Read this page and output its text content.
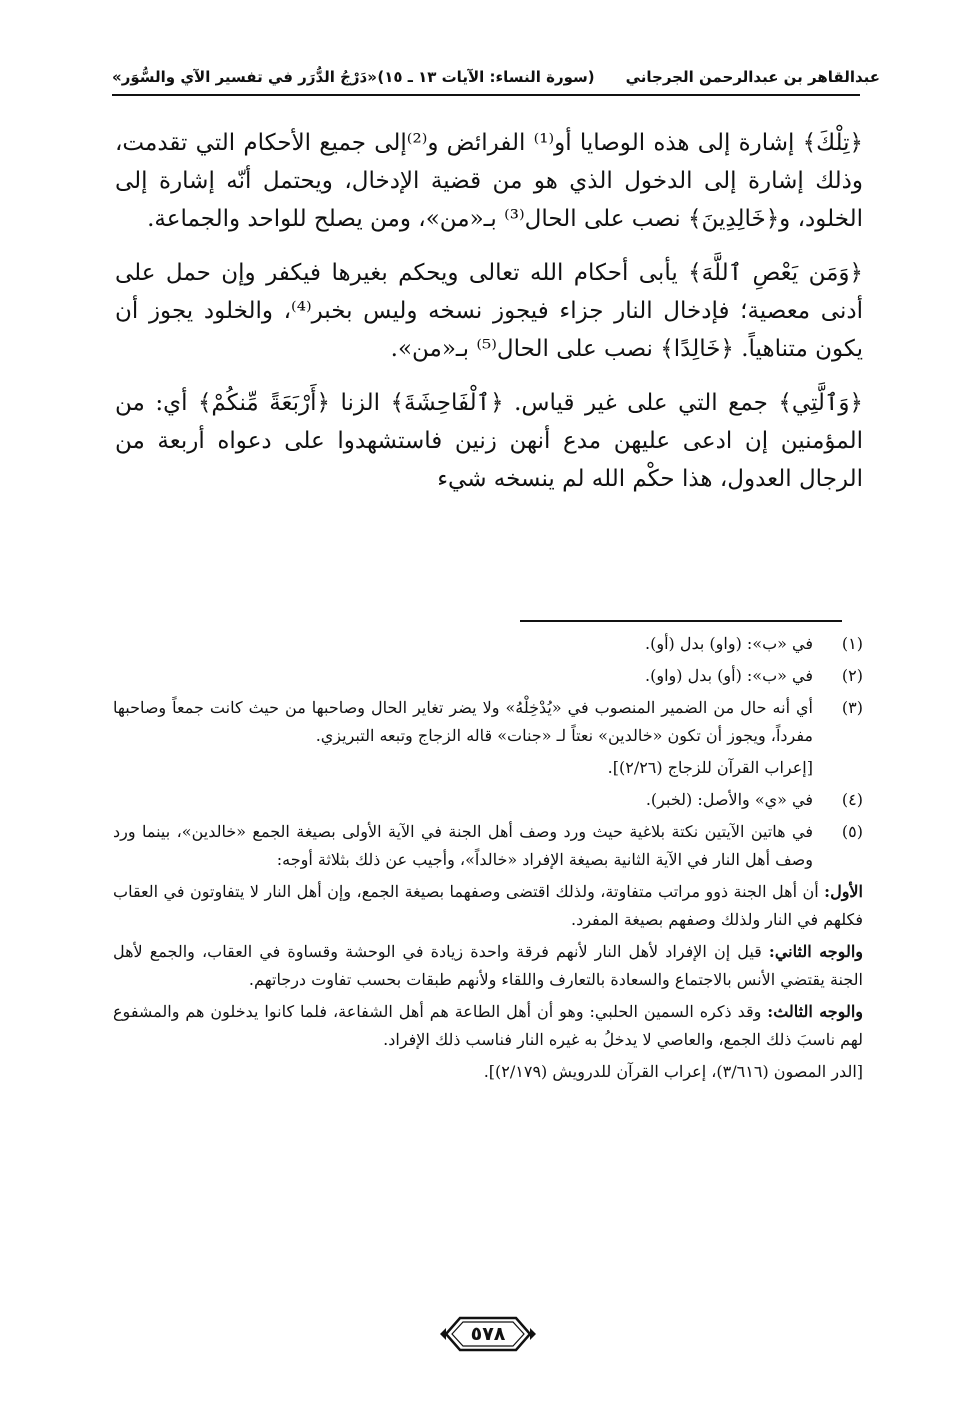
عبدالقاهر بن عبدالرحمن الجرجاني
(سورة النساء: الآيات ١٣ ـ ١٥)
«دَرْجُ الدُّرَر في تفسير الآي والسُّوَر»

﴿تِلْكَ﴾ إشارة إلى هذه الوصايا أو⁽¹⁾ الفرائض و⁽²⁾إلى جميع الأحكام التي تقدمت، وذلك إشارة إلى الدخول الذي هو من قضية الإدخال، ويحتمل أنّه إشارة إلى الخلود، و﴿خَالِدِينَ﴾ نصب على الحال⁽³⁾ بـ«من»، ومن يصلح للواحد والجماعة.

﴿وَمَن يَعْصِ ٱللَّهَ﴾ يأبى أحكام الله تعالى ويحكم بغيرها فيكفر وإن حمل على أدنى معصية؛ فإدخال النار جزاء فيجوز نسخه وليس بخبر⁽⁴⁾، والخلود يجوز أن يكون متناهياً. ﴿خَالِدًا﴾ نصب على الحال⁽⁵⁾ بـ«من».

﴿وَٱلَّتِي﴾ جمع التي على غير قياس. ﴿ٱلْفَاحِشَةَ﴾ الزنا ﴿أَرْبَعَةً مِّنكُمْ﴾ أي: من المؤمنين إن ادعى عليهن مدع أنهن زنين فاستشهدوا على دعواه أربعة من الرجال العدول، هذا حكْم الله لم ينسخه شيء

(١)
في «ب»: (واو) بدل (أو).
(٢)
في «ب»: (أو) بدل (واو).
(٣)
أي أنه حال من الضمير المنصوب في «يُدْخِلْهُ» ولا يضر تغاير الحال وصاحبها من حيث كانت جمعاً وصاحبها مفرداً، ويجوز أن تكون «خالدين» نعتاً لـ «جنات» قاله الزجاج وتبعه التبريزي.
[إعراب القرآن للزجاج (٢/٢٦)].
(٤)
في «ي» والأصل: (لخبر).
(٥)
في هاتين الآيتين نكتة بلاغية حيث ورد وصف أهل الجنة في الآية الأولى بصيغة الجمع «خالدين»، بينما ورد وصف أهل النار في الآية الثانية بصيغة الإفراد «خالداً»، وأجيب عن ذلك بثلاثة أوجه:
الأول: أن أهل الجنة ذوو مراتب متفاوتة، ولذلك اقتضى وصفهما بصيغة الجمع، وإن أهل النار لا يتفاوتون في العقاب فكلهم في النار ولذلك وصفهم بصيغة المفرد.
والوجه الثاني: قيل إن الإفراد لأهل النار لأنهم فرقة واحدة زيادة في الوحشة وقساوة في العقاب، والجمع لأهل الجنة يقتضي الأنس بالاجتماع والسعادة بالتعارف واللقاء ولأنهم طبقات بحسب تفاوت درجاتهم.
والوجه الثالث: وقد ذكره السمين الحلبي: وهو أن أهل الطاعة هم أهل الشفاعة، فلما كانوا يدخلون هم والمشفوع لهم ناسبَ ذلك الجمع، والعاصي لا يدخلُ به غيره النار فناسب ذلك الإفراد.
[الدر المصون (٣/٦١٦)، إعراب القرآن للدرويش (٢/١٧٩)].
٥٧٨
